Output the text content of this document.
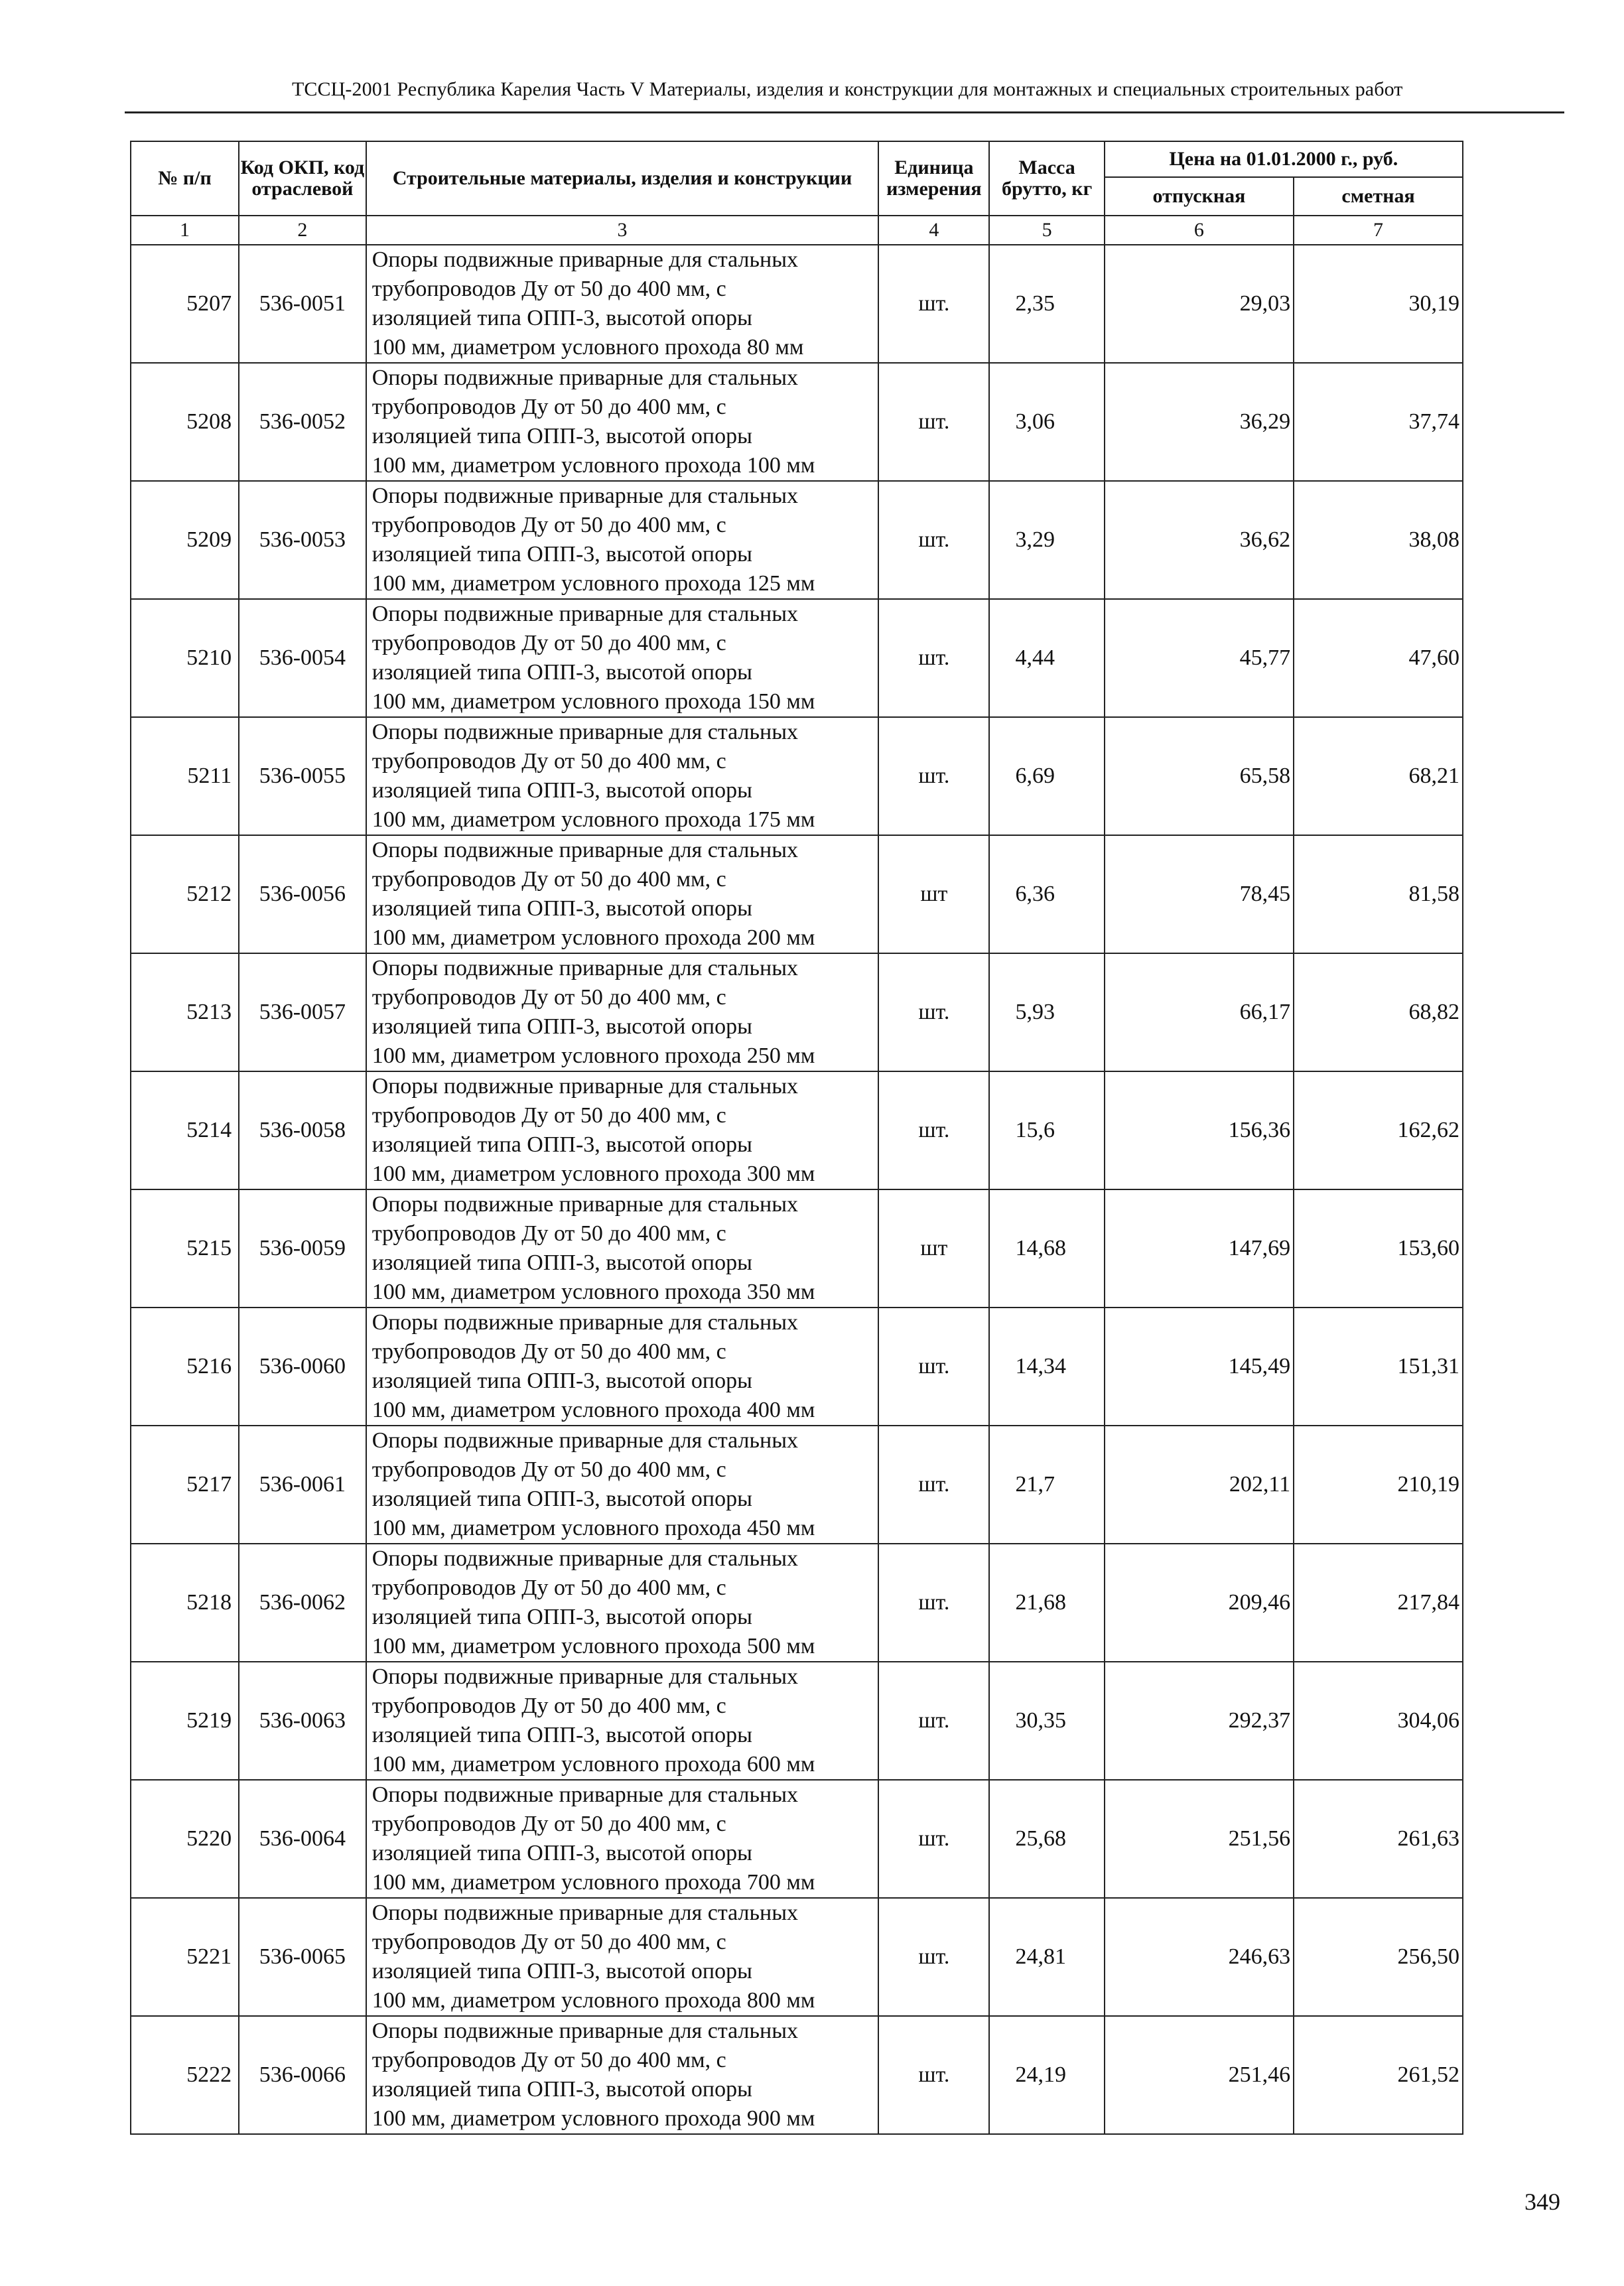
ТССЦ-2001 Республика Карелия Часть V Материалы, изделия и конструкции для монтажных и специальных строительных работ
№ п/п	Код ОКП, код отраслевой	Строительные материалы, изделия и конструкции	Единица измерения	Масса брутто, кг	Цена на 01.01.2000 г., руб.	
					отпускная	сметная
1	2	3	4	5	6	7
5207	536-0051	Опоры подвижные приварные для стальных
трубопроводов Ду от 50 до 400 мм, с
изоляцией типа ОПП-3, высотой опоры
100 мм, диаметром условного прохода 80 мм	шт.	2,35	29,03	30,19
5208	536-0052	Опоры подвижные приварные для стальных
трубопроводов Ду от 50 до 400 мм, с
изоляцией типа ОПП-3, высотой опоры
100 мм, диаметром условного прохода 100 мм	шт.	3,06	36,29	37,74
5209	536-0053	Опоры подвижные приварные для стальных
трубопроводов Ду от 50 до 400 мм, с
изоляцией типа ОПП-3, высотой опоры
100 мм, диаметром условного прохода 125 мм	шт.	3,29	36,62	38,08
5210	536-0054	Опоры подвижные приварные для стальных
трубопроводов Ду от 50 до 400 мм, с
изоляцией типа ОПП-3, высотой опоры
100 мм, диаметром условного прохода 150 мм	шт.	4,44	45,77	47,60
5211	536-0055	Опоры подвижные приварные для стальных
трубопроводов Ду от 50 до 400 мм, с
изоляцией типа ОПП-3, высотой опоры
100 мм, диаметром условного прохода 175 мм	шт.	6,69	65,58	68,21
5212	536-0056	Опоры подвижные приварные для стальных
трубопроводов Ду от 50 до 400 мм, с
изоляцией типа ОПП-3, высотой опоры
100 мм, диаметром условного прохода 200 мм	шт	6,36	78,45	81,58
5213	536-0057	Опоры подвижные приварные для стальных
трубопроводов Ду от 50 до 400 мм, с
изоляцией типа ОПП-3, высотой опоры
100 мм, диаметром условного прохода 250 мм	шт.	5,93	66,17	68,82
5214	536-0058	Опоры подвижные приварные для стальных
трубопроводов Ду от 50 до 400 мм, с
изоляцией типа ОПП-3, высотой опоры
100 мм, диаметром условного прохода 300 мм	шт.	15,6	156,36	162,62
5215	536-0059	Опоры подвижные приварные для стальных
трубопроводов Ду от 50 до 400 мм, с
изоляцией типа ОПП-3, высотой опоры
100 мм, диаметром условного прохода 350 мм	шт	14,68	147,69	153,60
5216	536-0060	Опоры подвижные приварные для стальных
трубопроводов Ду от 50 до 400 мм, с
изоляцией типа ОПП-3, высотой опоры
100 мм, диаметром условного прохода 400 мм	шт.	14,34	145,49	151,31
5217	536-0061	Опоры подвижные приварные для стальных
трубопроводов Ду от 50 до 400 мм, с
изоляцией типа ОПП-3, высотой опоры
100 мм, диаметром условного прохода 450 мм	шт.	21,7	202,11	210,19
5218	536-0062	Опоры подвижные приварные для стальных
трубопроводов Ду от 50 до 400 мм, с
изоляцией типа ОПП-3, высотой опоры
100 мм, диаметром условного прохода 500 мм	шт.	21,68	209,46	217,84
5219	536-0063	Опоры подвижные приварные для стальных
трубопроводов Ду от 50 до 400 мм, с
изоляцией типа ОПП-3, высотой опоры
100 мм, диаметром условного прохода 600 мм	шт.	30,35	292,37	304,06
5220	536-0064	Опоры подвижные приварные для стальных
трубопроводов Ду от 50 до 400 мм, с
изоляцией типа ОПП-3, высотой опоры
100 мм, диаметром условного прохода 700 мм	шт.	25,68	251,56	261,63
5221	536-0065	Опоры подвижные приварные для стальных
трубопроводов Ду от 50 до 400 мм, с
изоляцией типа ОПП-3, высотой опоры
100 мм, диаметром условного прохода 800 мм	шт.	24,81	246,63	256,50
5222	536-0066	Опоры подвижные приварные для стальных
трубопроводов Ду от 50 до 400 мм, с
изоляцией типа ОПП-3, высотой опоры
100 мм, диаметром условного прохода 900 мм	шт.	24,19	251,46	261,52
349
